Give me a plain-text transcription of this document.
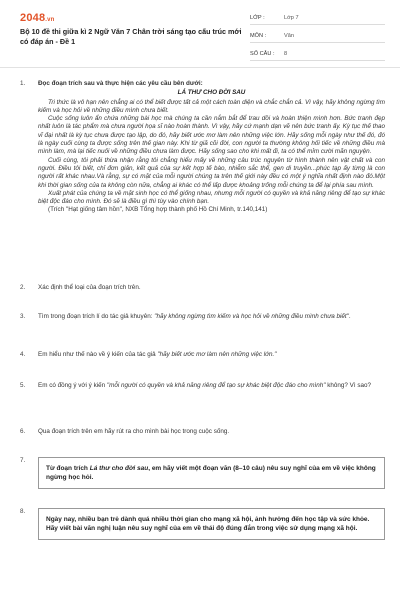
2048.vn
Bộ 10 đề thi giữa kì 2 Ngữ Văn 7 Chân trời sáng tạo cấu trúc mới có đáp án - Đề 1
LỚP :	Lớp 7
MÔN :	Văn
SỐ CÂU :	8
1.	Đọc đoạn trích sau và thực hiện các yêu cầu bên dưới:
LÁ THƯ CHO ĐỜI SAU

Tri thức là vô hạn nên chẳng ai có thể biết được tất cả một cách toàn diện và chắc chắn cả. Vì vậy, hãy không ngừng tìm kiếm và học hỏi về những điều mình chưa biết.

Cuộc sống luôn ẩn chứa những bài học mà chúng ta cần nắm bắt để trau dồi và hoàn thiện mình hơn. Bức tranh đẹp nhất luôn là tác phẩm mà chưa người họa sĩ nào hoàn thành. Vì vậy, hãy cứ mạnh dạn vẽ nên bức tranh ấy. Kỳ tục thế thao vĩ đại nhất là kỳ tục chưa được tạo lập, do đó, hãy biết ước mơ làm nên những việc lớn. Hãy sống mỗi ngày như thế đó, đó là ngày cuối cùng ta được sống trên thế gian này. Khi từ giã cõi đời, con người ta thường không hối tiếc về những điều mà mình làm, mà lại tiếc nuối về những điều chưa làm được. Hãy sống sao cho khi mất đi, ta có thể mỉm cười mãn nguyện.

Cuối cùng, tôi phải thừa nhận rằng tôi chẳng hiểu mấy về những câu trúc nguyên từ hình thành nên vật chất và con người. Điều tôi biết, chỉ đơn giản, kết quả của sự kết hợp tế bào, nhiễm sắc thể, gen di truyền...phúc tạp ấy từng là con người rất khác nhau.Và rằng, sự có mặt của mỗi người chúng ta trên thế giới này đều có một ý nghĩa nhất định nào đó.Một khi thời gian sống của ta không còn nữa, chẳng ai khác có thể lấp được khoảng trống mỗi chúng ta để lại phía sau mình.

Xuất phát của chúng ta về mặt sinh học có thể giống nhau, nhưng mỗi người có quyền và khả năng riêng để tạo sự khác biệt độc đáo cho mình. Đó sẽ là điều gì thì tùy vào chính bạn.

(Trích "Hạt giống tâm hồn", NXB Tổng hợp thành phố Hồ Chí Minh, tr.140,141)

2.	Xác định thể loại của đoạn trích trên.
3.	Tìm trong đoạn trích lí do tác giả khuyên: "hãy không ngừng tìm kiếm và học hỏi về những điều mình chưa biết".
4.	Em hiểu như thế nào về ý kiến của tác giả "hãy biết ước mơ làm nên những việc lớn."
5.	Em có đồng ý với ý kiến "mỗi người có quyền và khả năng riêng để tạo sự khác biệt độc đáo cho mình" không? Vì sao?
6.	Qua đoạn trích trên em hãy rút ra cho mình bài học trong cuộc sống.
7.
Từ đoạn trích Lá thư cho đời sau, em hãy viết một đoạn văn (8–10 câu) nêu suy nghĩ của em về việc không ngừng học hỏi.
8.
Ngày nay, nhiều bạn trẻ dành quá nhiều thời gian cho mạng xã hội, ảnh hưởng đến học tập và sức khỏe. Hãy viết bài văn nghị luận nêu suy nghĩ của em về thái độ đúng đắn trong việc sử dụng mạng xã hội.
